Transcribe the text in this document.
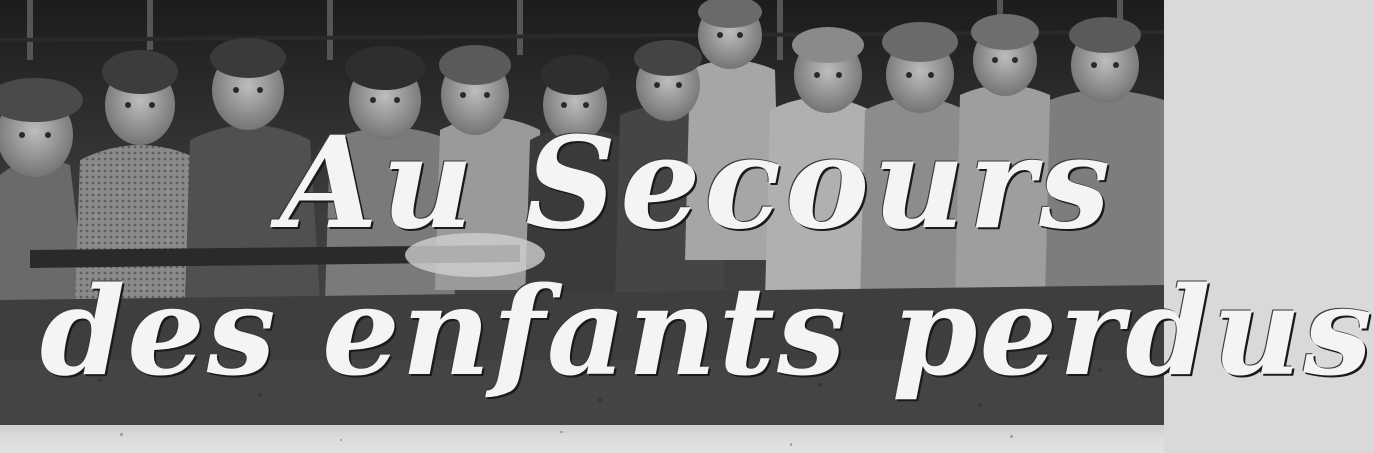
Au Secours
des enfants perdus
